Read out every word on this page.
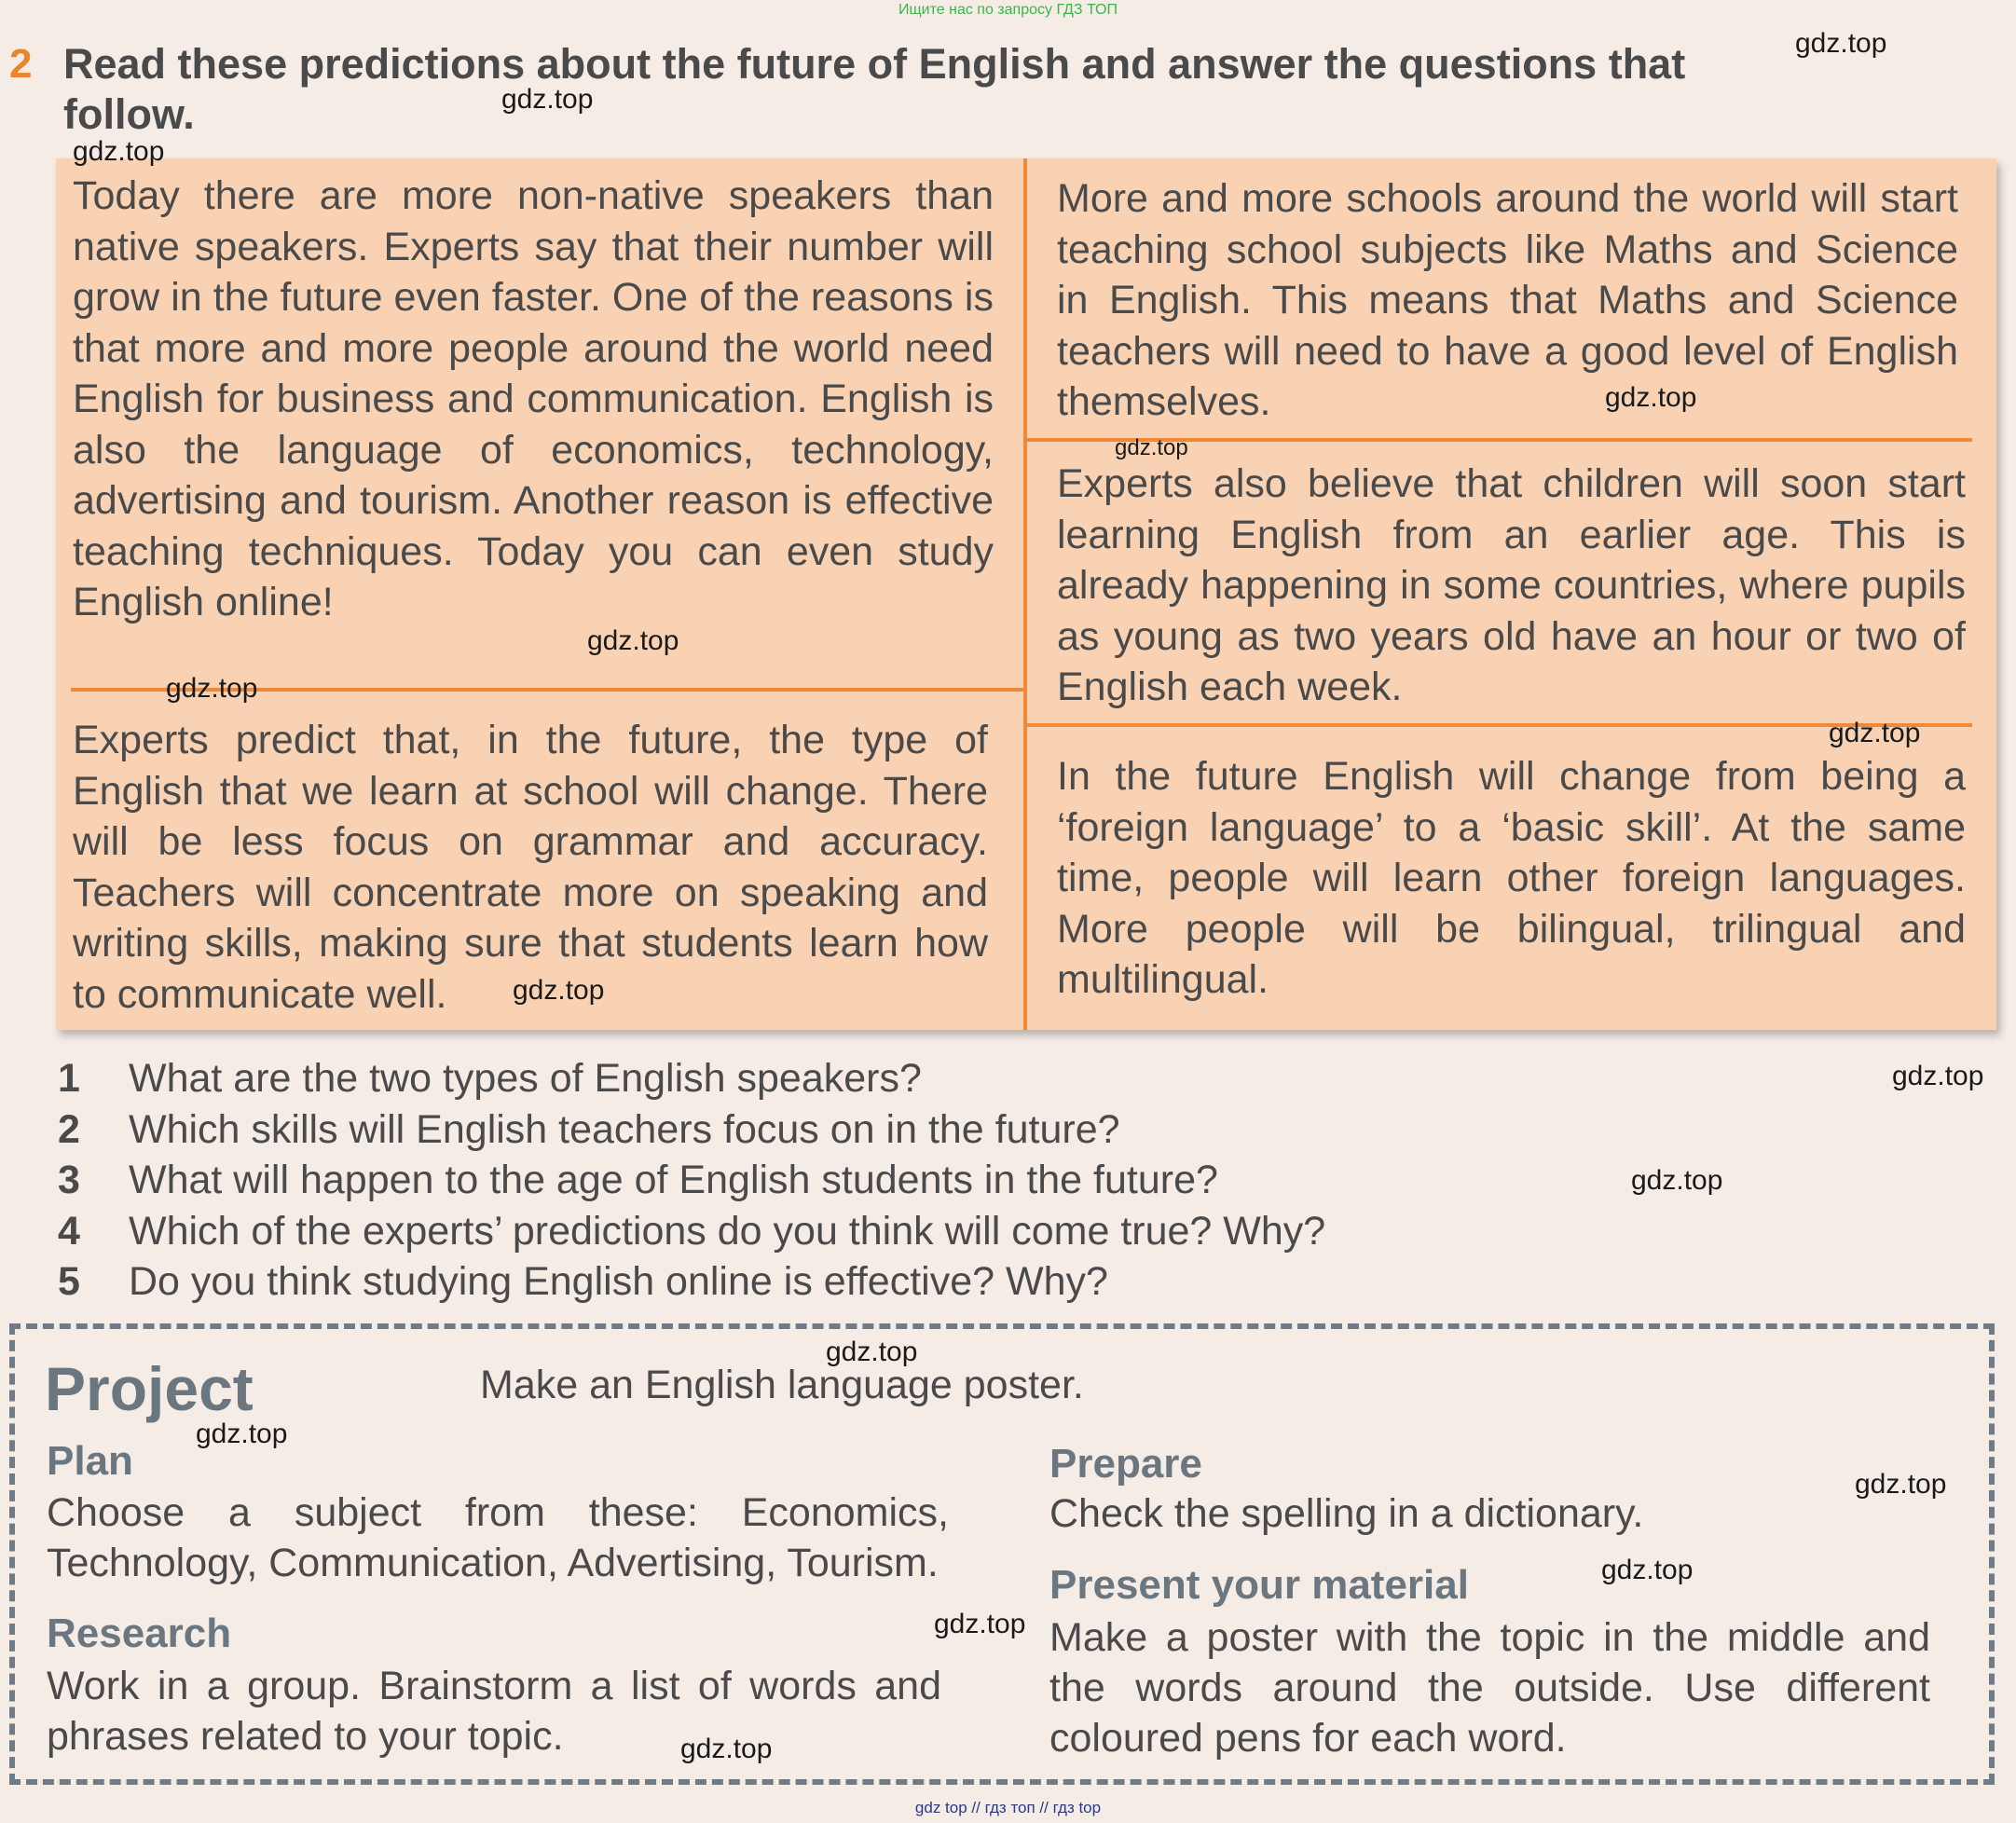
Ищите нас по запросу ГДЗ ТОП
2 Read these predictions about the future of English and answer the questions that follow.
Today there are more non-native speakers than native speakers. Experts say that their number will grow in the future even faster. One of the reasons is that more and more people around the world need English for business and communication. English is also the language of economics, technology, advertising and tourism. Another reason is effective teaching techniques. Today you can even study English online!
Experts predict that, in the future, the type of English that we learn at school will change. There will be less focus on grammar and accuracy. Teachers will concentrate more on speaking and writing skills, making sure that students learn how to communicate well.
More and more schools around the world will start teaching school subjects like Maths and Science in English. This means that Maths and Science teachers will need to have a good level of English themselves.
Experts also believe that children will soon start learning English from an earlier age. This is already happening in some countries, where pupils as young as two years old have an hour or two of English each week.
In the future English will change from being a ‘foreign language’ to a ‘basic skill’. At the same time, people will learn other foreign languages. More people will be bilingual, trilingual and multilingual.
1	What are the two types of English speakers?
2	Which skills will English teachers focus on in the future?
3	What will happen to the age of English students in the future?
4	Which of the experts’ predictions do you think will come true? Why?
5	Do you think studying English online is effective? Why?
Project	Make an English language poster.
Plan
Choose a subject from these: Economics, Technology, Communication, Advertising, Tourism.
Research
Work in a group. Brainstorm a list of words and phrases related to your topic.
Prepare
Check the spelling in a dictionary.
Present your material
Make a poster with the topic in the middle and the words around the outside. Use different coloured pens for each word.
gdz.top
gdz.top
gdz.top
gdz.top
gdz.top
gdz.top
gdz.top
gdz.top
gdz.top
gdz.top
gdz.top
gdz.top
gdz.top
gdz.top
gdz.top
gdz.top
gdz.top
gdz top // гдз топ // гдз top
